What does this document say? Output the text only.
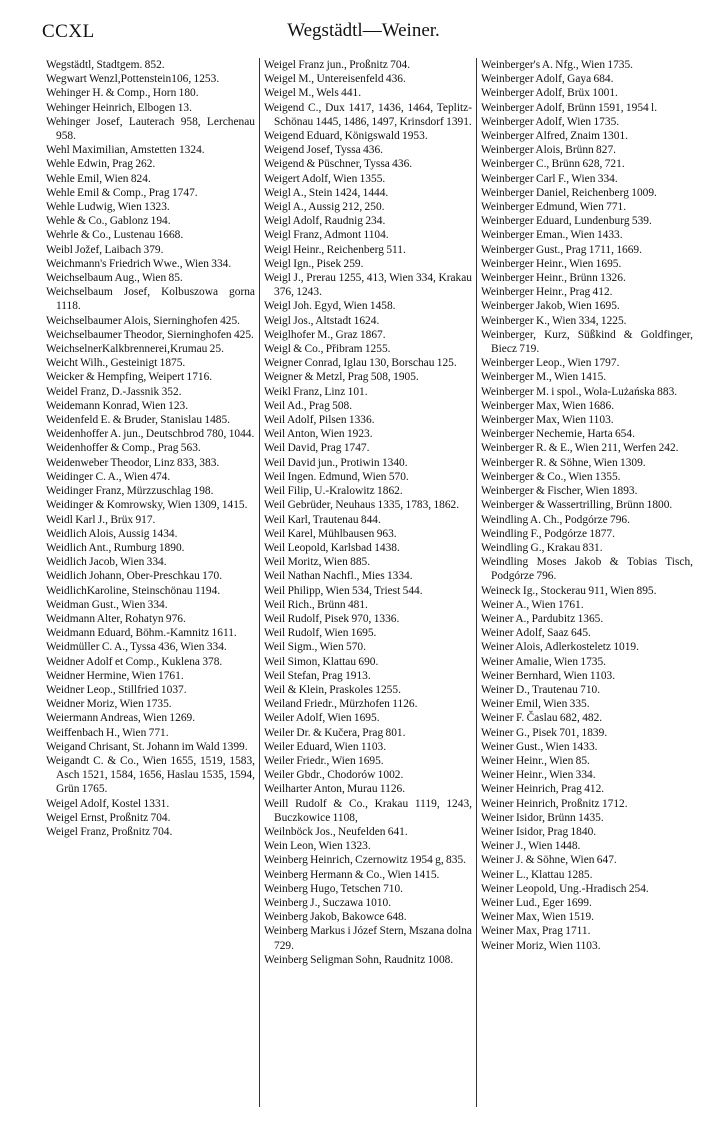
CCXL	Wegstädtl—Weiner.
Wegstädtl, Stadtgem. 852.
Wegwart Wenzl,Pottenstein106, 1253.
Wehinger H. & Comp., Horn 180.
Wehinger Heinrich, Elbogen 13.
Wehinger Josef, Lauterach 958, Lerchenau 958.
Wehl Maximilian, Amstetten 1324.
Wehle Edwin, Prag 262.
Wehle Emil, Wien 824.
Wehle Emil & Comp., Prag 1747.
Wehle Ludwig, Wien 1323.
Wehle & Co., Gablonz 194.
Wehrle & Co., Lustenau 1668.
Weibl Jožef, Laibach 379.
Weichmann's Friedrich Wwe., Wien 334.
Weichselbaum Aug., Wien 85.
Weichselbaum Josef, Kolbuszowa gorna 1118.
Weichselbaumer Alois, Sierninghofen 425.
Weichselbaumer Theodor, Sierninghofen 425.
WeichselnerKalkbrennerei,Krumau 25.
Weicht Wilh., Gesteinigt 1875.
Weicker & Hempfing, Weipert 1716.
Weidel Franz, D.-Jassnik 352.
Weidemann Konrad, Wien 123.
Weidenfeld E. & Bruder, Stanislau 1485.
Weidenhoffer A. jun., Deutschbrod 780, 1044.
Weidenhoffer & Comp., Prag 563.
Weidenweber Theodor, Linz 833, 383.
Weidinger C. A., Wien 474.
Weidinger Franz, Mürzzuschlag 198.
Weidinger & Komrowsky, Wien 1309, 1415.
Weidl Karl J., Brüx 917.
Weidlich Alois, Aussig 1434.
Weidlich Ant., Rumburg 1890.
Weidlich Jacob, Wien 334.
Weidlich Johann, Ober-Preschkau 170.
WeidlichKaroline, Steinschönau 1194.
Weidman Gust., Wien 334.
Weidmann Alter, Rohatyn 976.
Weidmann Eduard, Böhm.-Kamnitz 1611.
Weidmüller C. A., Tyssa 436, Wien 334.
Weidner Adolf et Comp., Kuklena 378.
Weidner Hermine, Wien 1761.
Weidner Leop., Stillfried 1037.
Weidner Moriz, Wien 1735.
Weiermann Andreas, Wien 1269.
Weiffenbach H., Wien 771.
Weigand Chrisant, St. Johann im Wald 1399.
Weigandt C. & Co., Wien 1655, 1519, 1583, Asch 1521, 1584, 1656, Haslau 1535, 1594, Grün 1765.
Weigel Adolf, Kostel 1331.
Weigel Ernst, Proßnitz 704.
Weigel Franz, Proßnitz 704.
Weigel Franz jun., Proßnitz 704.
Weigel M., Untereisenfeld 436.
Weigel M., Wels 441.
Weigend C., Dux 1417, 1436, 1464, Teplitz-Schönau 1445, 1486, 1497, Krinsdorf 1391.
Weigend Eduard, Königswald 1953.
Weigend Josef, Tyssa 436.
Weigend & Püschner, Tyssa 436.
Weigert Adolf, Wien 1355.
Weigl A., Stein 1424, 1444.
Weigl A., Aussig 212, 250.
Weigl Adolf, Raudnig 234.
Weigl Franz, Admont 1104.
Weigl Heinr., Reichenberg 511.
Weigl Ign., Pisek 259.
Weigl J., Prerau 1255, 413, Wien 334, Krakau 376, 1243.
Weigl Joh. Egyd, Wien 1458.
Weigl Jos., Altstadt 1624.
Weiglhofer M., Graz 1867.
Weigl & Co., Přibram 1255.
Weigner Conrad, Iglau 130, Borschau 125.
Weigner & Metzl, Prag 508, 1905.
Weikl Franz, Linz 101.
Weil Ad., Prag 508.
Weil Adolf, Pilsen 1336.
Weil Anton, Wien 1923.
Weil David, Prag 1747.
Weil David jun., Protiwin 1340.
Weil Ingen. Edmund, Wien 570.
Weil Filip, U.-Kralowitz 1862.
Weil Gebrüder, Neuhaus 1335, 1783, 1862.
Weil Karl, Trautenau 844.
Weil Karel, Mühlbausen 963.
Weil Leopold, Karlsbad 1438.
Weil Moritz, Wien 885.
Weil Nathan Nachfl., Mies 1334.
Weil Philipp, Wien 534, Triest 544.
Weil Rich., Brünn 481.
Weil Rudolf, Pisek 970, 1336.
Weil Rudolf, Wien 1695.
Weil Sigm., Wien 570.
Weil Simon, Klattau 690.
Weil Stefan, Prag 1913.
Weil & Klein, Praskoles 1255.
Weiland Friedr., Mürzhofen 1126.
Weiler Adolf, Wien 1695.
Weiler Dr. & Kučera, Prag 801.
Weiler Eduard, Wien 1103.
Weiler Friedr., Wien 1695.
Weiler Gbdr., Chodorów 1002.
Weilharter Anton, Murau 1126.
Weill Rudolf & Co., Krakau 1119, 1243, Buczkowice 1108,
Weilnböck Jos., Neufelden 641.
Wein Leon, Wien 1323.
Weinberg Heinrich, Czernowitz 1954 g, 835.
Weinberg Hermann & Co., Wien 1415.
Weinberg Hugo, Tetschen 710.
Weinberg J., Suczawa 1010.
Weinberg Jakob, Bakowce 648.
Weinberg Markus i Józef Stern, Mszana dolna 729.
Weinberg Seligman Sohn, Raudnitz 1008.
Weinberger's A. Nfg., Wien 1735.
Weinberger Adolf, Gaya 684.
Weinberger Adolf, Brüx 1001.
Weinberger Adolf, Brünn 1591, 1954 l.
Weinberger Adolf, Wien 1735.
Weinberger Alfred, Znaim 1301.
Weinberger Alois, Brünn 827.
Weinberger C., Brünn 628, 721.
Weinberger Carl F., Wien 334.
Weinberger Daniel, Reichenberg 1009.
Weinberger Edmund, Wien 771.
Weinberger Eduard, Lundenburg 539.
Weinberger Eman., Wien 1433.
Weinberger Gust., Prag 1711, 1669.
Weinberger Heinr., Wien 1695.
Weinberger Heinr., Brünn 1326.
Weinberger Heinr., Prag 412.
Weinberger Jakob, Wien 1695.
Weinberger K., Wien 334, 1225.
Weinberger, Kurz, Süßkind & Goldfinger, Biecz 719.
Weinberger Leop., Wien 1797.
Weinberger M., Wien 1415.
Weinberger M. i spol., Wola-Lużańska 883.
Weinberger Max, Wien 1686.
Weinberger Max, Wien 1103.
Weinberger Nechemie, Harta 654.
Weinberger R. & E., Wien 211, Werfen 242.
Weinberger R. & Söhne, Wien 1309.
Weinberger & Co., Wien 1355.
Weinberger & Fischer, Wien 1893.
Weinberger & Wassertrilling, Brünn 1800.
Weindling A. Ch., Podgórze 796.
Weindling F., Podgórze 1877.
Weindling G., Krakau 831.
Weindling Moses Jakob & Tobias Tisch, Podgórze 796.
Weineck Ig., Stockerau 911, Wien 895.
Weiner A., Wien 1761.
Weiner A., Pardubitz 1365.
Weiner Adolf, Saaz 645.
Weiner Alois, Adlerkosteletz 1019.
Weiner Amalie, Wien 1735.
Weiner Bernhard, Wien 1103.
Weiner D., Trautenau 710.
Weiner Emil, Wien 335.
Weiner F. Časlau 682, 482.
Weiner G., Pisek 701, 1839.
Weiner Gust., Wien 1433.
Weiner Heinr., Wien 85.
Weiner Heinr., Wien 334.
Weiner Heinrich, Prag 412.
Weiner Heinrich, Proßnitz 1712.
Weiner Isidor, Brünn 1435.
Weiner Isidor, Prag 1840.
Weiner J., Wien 1448.
Weiner J. & Söhne, Wien 647.
Weiner L., Klattau 1285.
Weiner Leopold, Ung.-Hradisch 254.
Weiner Lud., Eger 1699.
Weiner Max, Wien 1519.
Weiner Max, Prag 1711.
Weiner Moriz, Wien 1103.
